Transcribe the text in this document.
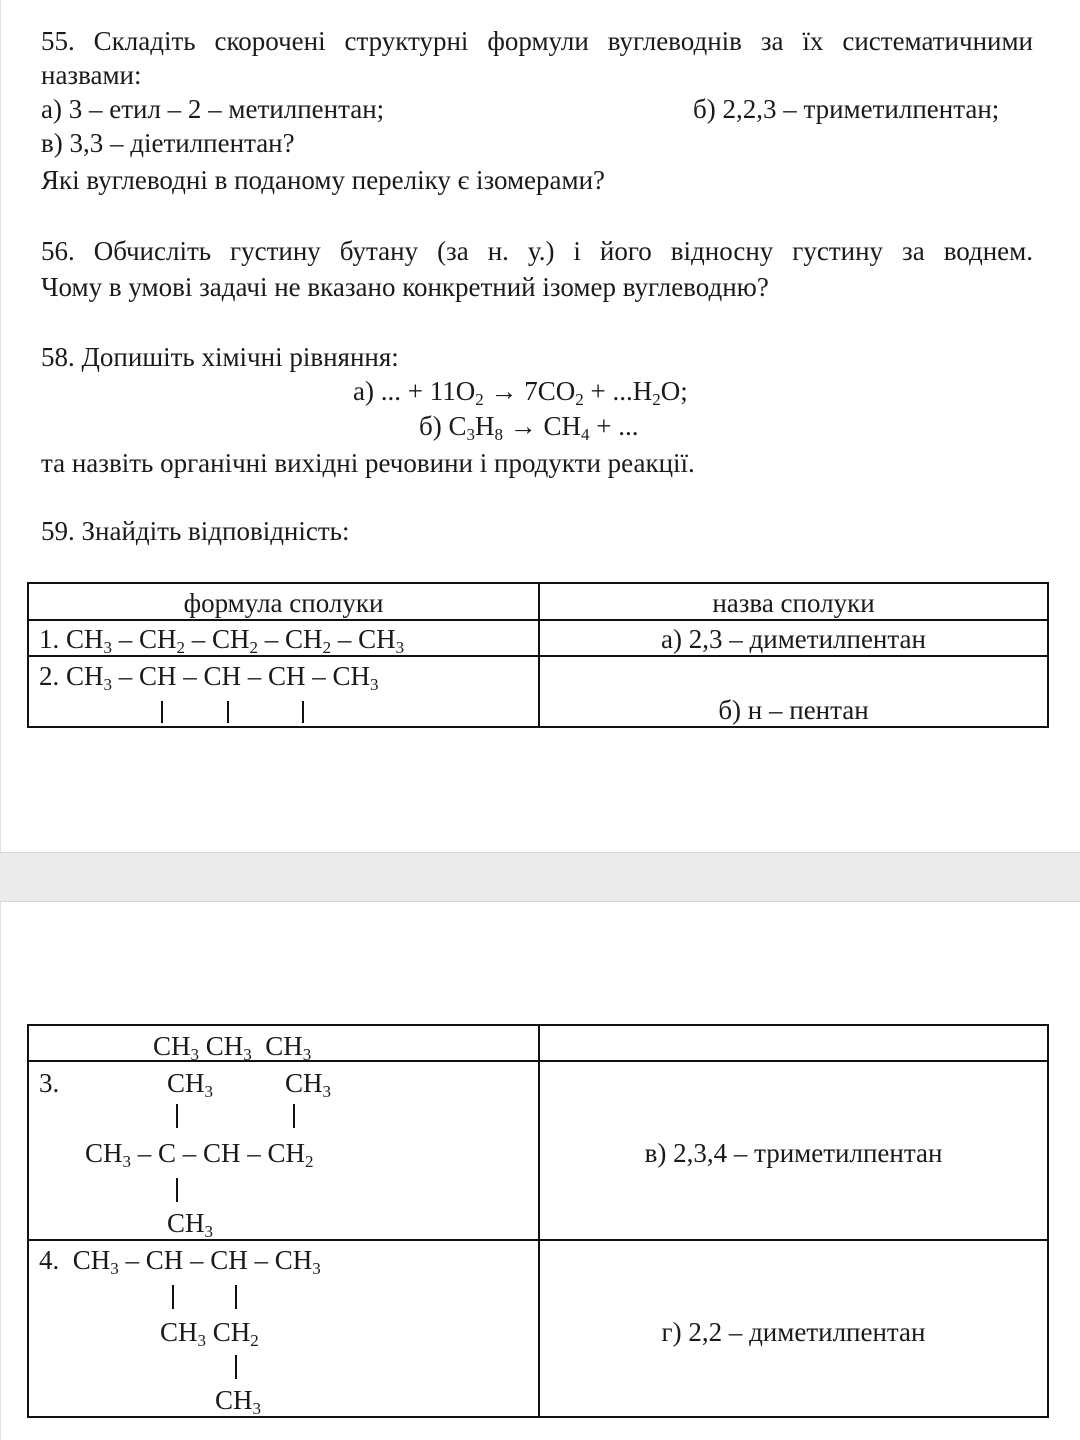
55. Складіть скорочені структурні формули вуглеводнів за їх систематичними
назвами:
а) 3 – етил – 2 – метилпентан;	б) 2,2,3 – триметилпентан;
в) 3,3 – діетилпентан?
Які вуглеводні в поданому переліку є ізомерами?
56. Обчисліть густину бутану (за н. у.) і його відносну густину за воднем.
Чому в умові задачі не вказано конкретний ізомер вуглеводню?
58. Допишіть хімічні рівняння:
а) ... + $11O_2 \to 7CO_2 + ...H_2O$;
б) $C_3H_8 \to CH_4$ + ...
та назвіть органічні вихідні речовини і продукти реакції.
59. Знайдіть відповідність:
формула сполуки	назва сполуки

1. $CH_3 - CH_2 - CH_2 - CH_2 - CH_3$	а) 2,3 – диметилпентан

2. $CH_3$ – CH – CH – CH – $CH_3$	б) н – пентан
$CH_3$ $CH_3$  $CH_3$

3. $CH_3$ $CH_3$
$CH_3$ – C – CH – $CH_2$
$CH_3$	в) 2,3,4 – триметилпентан

4.  $CH_3$ – CH – CH – $CH_3$
$CH_3$ $CH_2$
$CH_3$	г) 2,2 – диметилпентан
